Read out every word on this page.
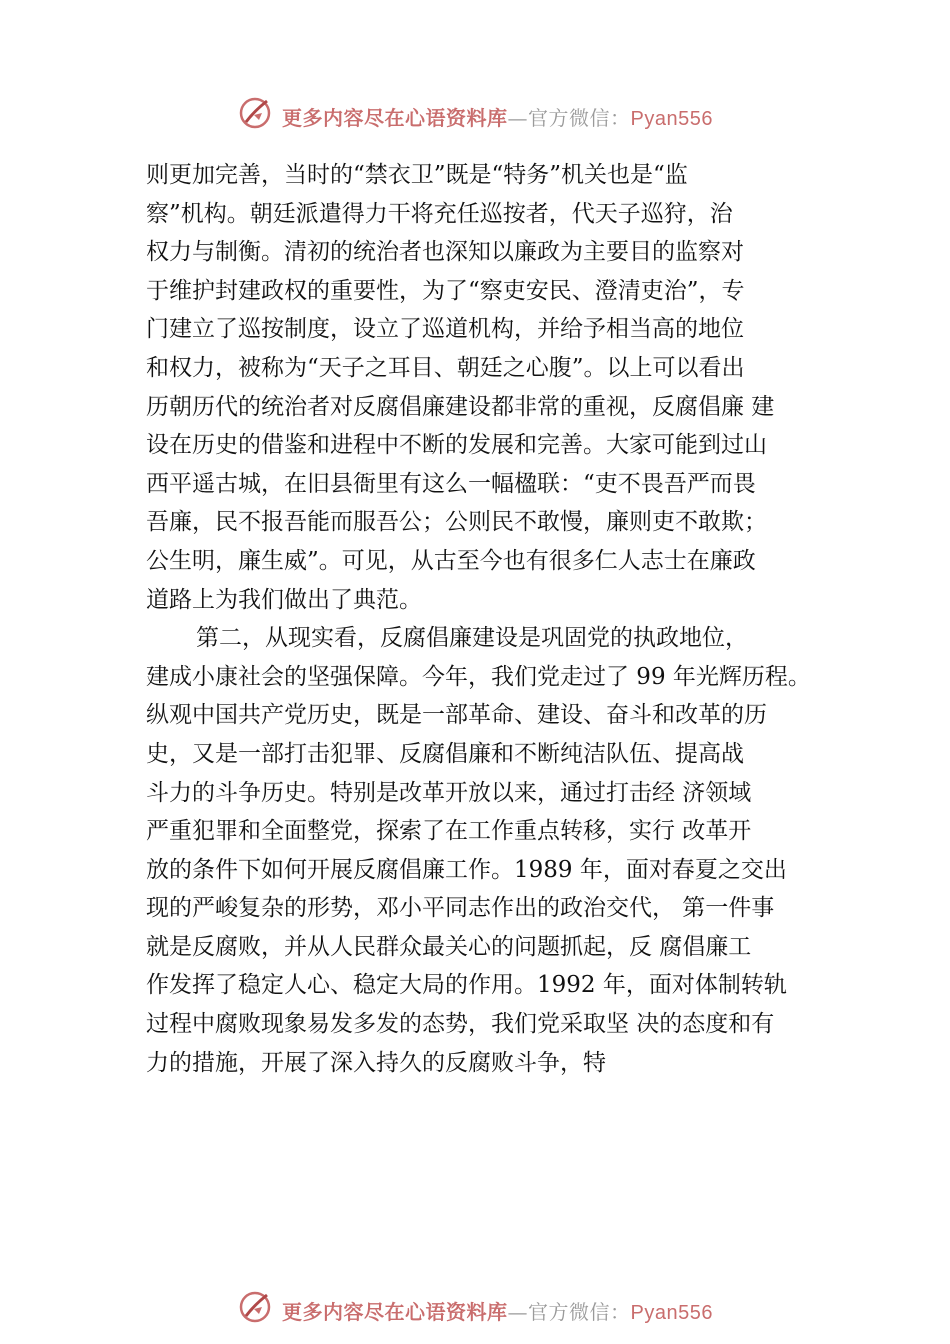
更多内容尽在心语资料库—官方微信：Pyan556
则更加完善，当时的“禁衣卫”既是“特务”机关也是“监
察”机构。朝廷派遣得力干将充任巡按者，代天子巡狩，治
权力与制衡。清初的统治者也深知以廉政为主要目的监察对
于维护封建政权的重要性，为了“察吏安民、澄清吏治”，专
门建立了巡按制度，设立了巡道机构，并给予相当高的地位
和权力，被称为“天子之耳目、朝廷之心腹”。以上可以看出
历朝历代的统治者对反腐倡廉建设都非常的重视，反腐倡廉 建
设在历史的借鉴和进程中不断的发展和完善。大家可能到过山
西平遥古城，在旧县衙里有这么一幅楹联：“吏不畏吾严而畏
吾廉，民不报吾能而服吾公；公则民不敢慢，廉则吏不敢欺；
公生明，廉生威”。可见，从古至今也有很多仁人志士在廉政
道路上为我们做出了典范。
第二，从现实看，反腐倡廉建设是巩固党的执政地位，
建成小康社会的坚强保障。今年，我们党走过了 99 年光辉历程。
纵观中国共产党历史，既是一部革命、建设、奋斗和改革的历
史，又是一部打击犯罪、反腐倡廉和不断纯洁队伍、提高战
斗力的斗争历史。特别是改革开放以来，通过打击经 济领域
严重犯罪和全面整党，探索了在工作重点转移，实行 改革开
放的条件下如何开展反腐倡廉工作。1989 年，面对春夏之交出
现的严峻复杂的形势，邓小平同志作出的政治交代， 第一件事
就是反腐败，并从人民群众最关心的问题抓起，反 腐倡廉工
作发挥了稳定人心、稳定大局的作用。1992 年，面对体制转轨
过程中腐败现象易发多发的态势，我们党采取坚 决的态度和有
力的措施，开展了深入持久的反腐败斗争，特
更多内容尽在心语资料库—官方微信：Pyan556
